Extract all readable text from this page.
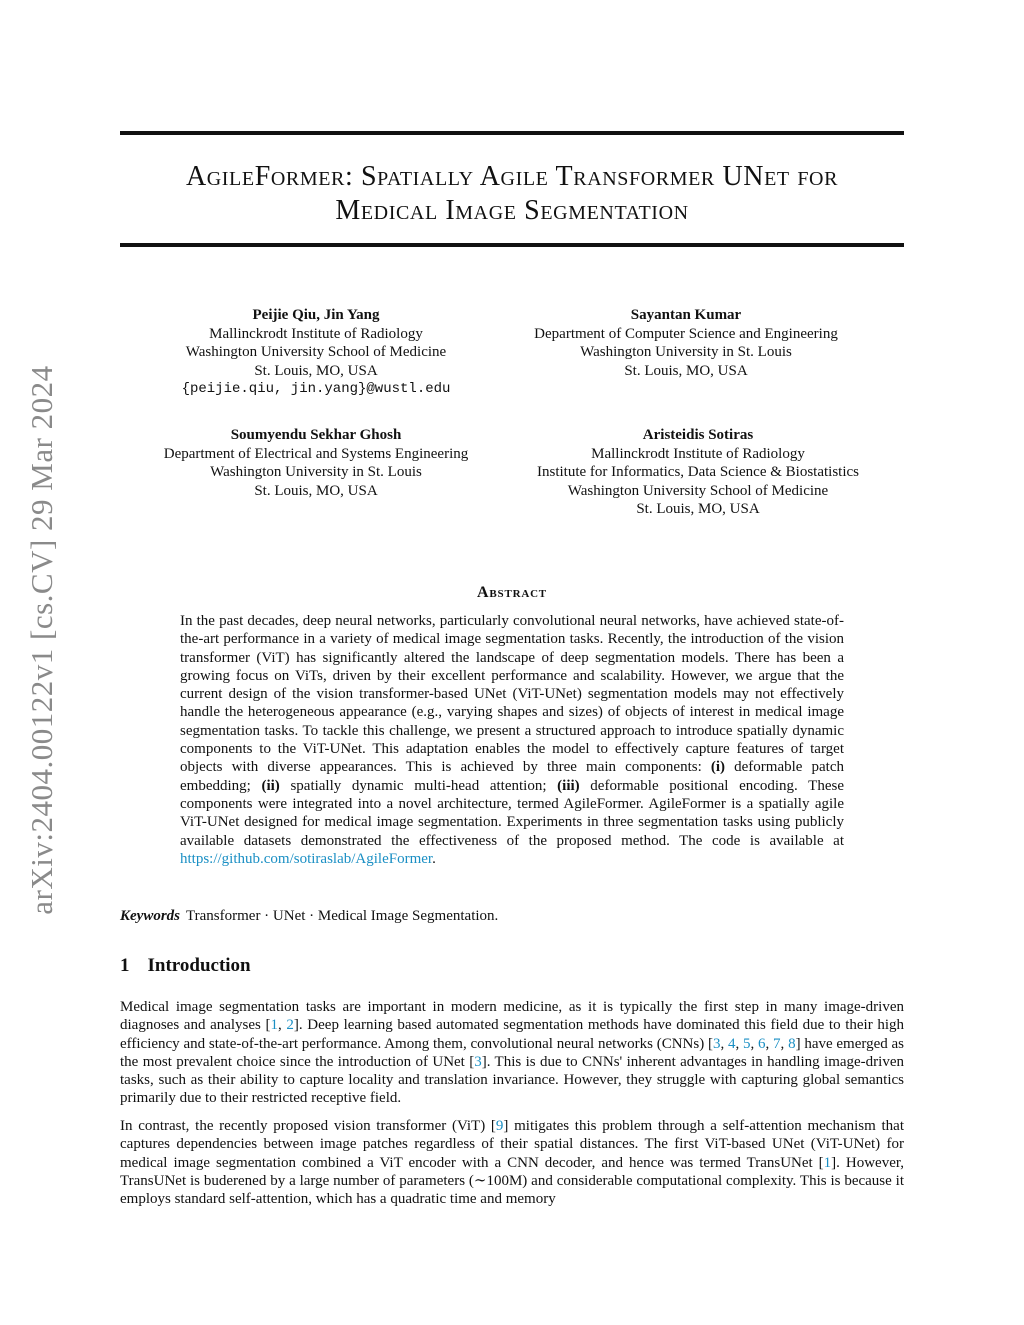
arXiv:2404.00122v1 [cs.CV] 29 Mar 2024
AgileFormer: Spatially Agile Transformer UNet for
Medical Image Segmentation
Peijie Qiu, Jin Yang
Mallinckrodt Institute of Radiology
Washington University School of Medicine
St. Louis, MO, USA
{peijie.qiu, jin.yang}@wustl.edu
Sayantan Kumar
Department of Computer Science and Engineering
Washington University in St. Louis
St. Louis, MO, USA
Soumyendu Sekhar Ghosh
Department of Electrical and Systems Engineering
Washington University in St. Louis
St. Louis, MO, USA
Aristeidis Sotiras
Mallinckrodt Institute of Radiology
Institute for Informatics, Data Science & Biostatistics
Washington University School of Medicine
St. Louis, MO, USA
Abstract
In the past decades, deep neural networks, particularly convolutional neural networks, have achieved state-of-the-art performance in a variety of medical image segmentation tasks. Recently, the introduction of the vision transformer (ViT) has significantly altered the landscape of deep segmentation models. There has been a growing focus on ViTs, driven by their excellent performance and scalability. However, we argue that the current design of the vision transformer-based UNet (ViT-UNet) segmentation models may not effectively handle the heterogeneous appearance (e.g., varying shapes and sizes) of objects of interest in medical image segmentation tasks. To tackle this challenge, we present a structured approach to introduce spatially dynamic components to the ViT-UNet. This adaptation enables the model to effectively capture features of target objects with diverse appearances. This is achieved by three main components: (i) deformable patch embedding; (ii) spatially dynamic multi-head attention; (iii) deformable positional encoding. These components were integrated into a novel architecture, termed AgileFormer. AgileFormer is a spatially agile ViT-UNet designed for medical image segmentation. Experiments in three segmentation tasks using publicly available datasets demonstrated the effectiveness of the proposed method. The code is available at https://github.com/sotiraslab/AgileFormer.
Keywords Transformer · UNet · Medical Image Segmentation.
1 Introduction
Medical image segmentation tasks are important in modern medicine, as it is typically the first step in many image-driven diagnoses and analyses [1, 2]. Deep learning based automated segmentation methods have dominated this field due to their high efficiency and state-of-the-art performance. Among them, convolutional neural networks (CNNs) [3, 4, 5, 6, 7, 8] have emerged as the most prevalent choice since the introduction of UNet [3]. This is due to CNNs' inherent advantages in handling image-driven tasks, such as their ability to capture locality and translation invariance. However, they struggle with capturing global semantics primarily due to their restricted receptive field.
In contrast, the recently proposed vision transformer (ViT) [9] mitigates this problem through a self-attention mechanism that captures dependencies between image patches regardless of their spatial distances. The first ViT-based UNet (ViT-UNet) for medical image segmentation combined a ViT encoder with a CNN decoder, and hence was termed TransUNet [1]. However, TransUNet is buderened by a large number of parameters (∼100M) and considerable computational complexity. This is because it employs standard self-attention, which has a quadratic time and memory
